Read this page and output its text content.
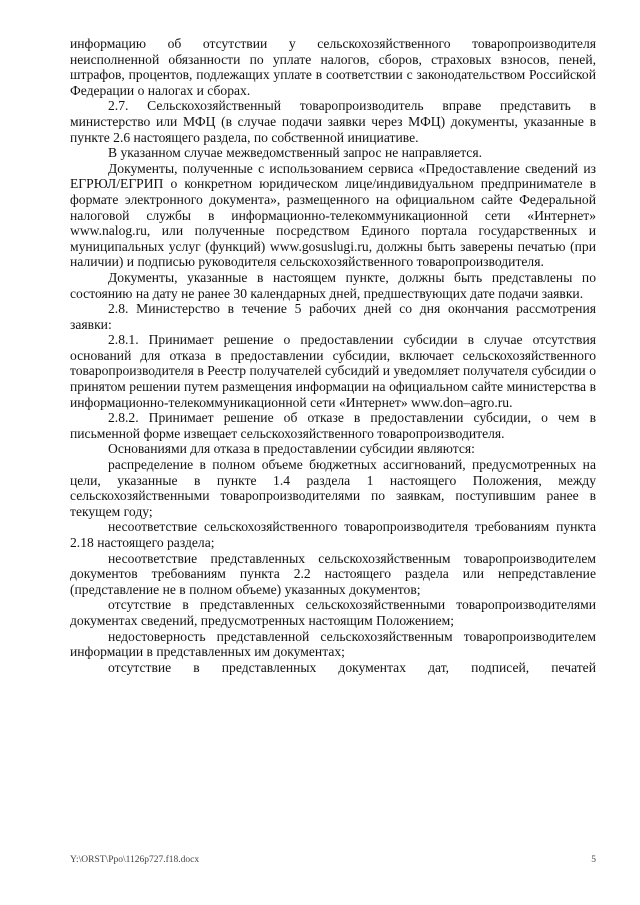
информацию об отсутствии у сельскохозяйственного товаропроизводителя неисполненной обязанности по уплате налогов, сборов, страховых взносов, пеней, штрафов, процентов, подлежащих уплате в соответствии с законодательством Российской Федерации о налогах и сборах.

2.7. Сельскохозяйственный товаропроизводитель вправе представить в министерство или МФЦ (в случае подачи заявки через МФЦ) документы, указанные в пункте 2.6 настоящего раздела, по собственной инициативе.

В указанном случае межведомственный запрос не направляется.

Документы, полученные с использованием сервиса «Предоставление сведений из ЕГРЮЛ/ЕГРИП о конкретном юридическом лице/индивидуальном предпринимателе в формате электронного документа», размещенного на официальном сайте Федеральной налоговой службы в информационно-телекоммуникационной сети «Интернет» www.nalog.ru, или полученные посредством Единого портала государственных и муниципальных услуг (функций) www.gosuslugi.ru, должны быть заверены печатью (при наличии) и подписью руководителя сельскохозяйственного товаропроизводителя.

Документы, указанные в настоящем пункте, должны быть представлены по состоянию на дату не ранее 30 календарных дней, предшествующих дате подачи заявки.

2.8. Министерство в течение 5 рабочих дней со дня окончания рассмотрения заявки:

2.8.1. Принимает решение о предоставлении субсидии в случае отсутствия оснований для отказа в предоставлении субсидии, включает сельскохозяйственного товаропроизводителя в Реестр получателей субсидий и уведомляет получателя субсидии о принятом решении путем размещения информации на официальном сайте министерства в информационно-телекоммуникационной сети «Интернет» www.don–agro.ru.

2.8.2. Принимает решение об отказе в предоставлении субсидии, о чем в письменной форме извещает сельскохозяйственного товаропроизводителя.

Основаниями для отказа в предоставлении субсидии являются:

распределение в полном объеме бюджетных ассигнований, предусмотренных на цели, указанные в пункте 1.4 раздела 1 настоящего Положения, между сельскохозяйственными товаропроизводителями по заявкам, поступившим ранее в текущем году;

несоответствие сельскохозяйственного товаропроизводителя требованиям пункта 2.18 настоящего раздела;

несоответствие представленных сельскохозяйственным товаропроизводителем документов требованиям пункта 2.2 настоящего раздела или непредставление (представление не в полном объеме) указанных документов;

отсутствие в представленных сельскохозяйственными товаропроизводителями документах сведений, предусмотренных настоящим Положением;

недостоверность представленной сельскохозяйственным товаропроизводителем информации в представленных им документах;

отсутствие в представленных документах дат, подписей, печатей

Y:\ORST\Ppo\1126p727.f18.docx	5
